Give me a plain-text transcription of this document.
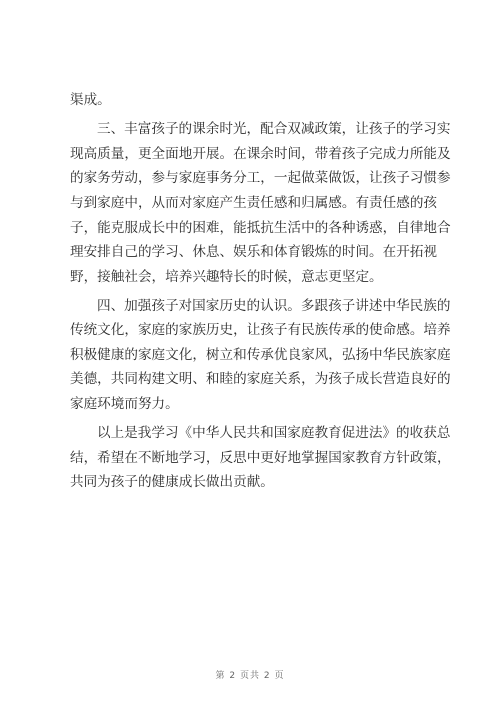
渠成。
三、丰富孩子的课余时光，配合双减政策，让孩子的学习实
现高质量，更全面地开展。在课余时间，带着孩子完成力所能及
的家务劳动，参与家庭事务分工，一起做菜做饭，让孩子习惯参
与到家庭中，从而对家庭产生责任感和归属感。有责任感的孩
子，能克服成长中的困难，能抵抗生活中的各种诱惑，自律地合
理安排自己的学习、休息、娱乐和体育锻炼的时间。在开拓视
野，接触社会，培养兴趣特长的时候，意志更坚定。
四、加强孩子对国家历史的认识。多跟孩子讲述中华民族的
传统文化，家庭的家族历史，让孩子有民族传承的使命感。培养
积极健康的家庭文化，树立和传承优良家风，弘扬中华民族家庭
美德，共同构建文明、和睦的家庭关系，为孩子成长营造良好的
家庭环境而努力。
以上是我学习《中华人民共和国家庭教育促进法》的收获总
结，希望在不断地学习，反思中更好地掌握国家教育方针政策，
共同为孩子的健康成长做出贡献。
第 2 页共 2 页
